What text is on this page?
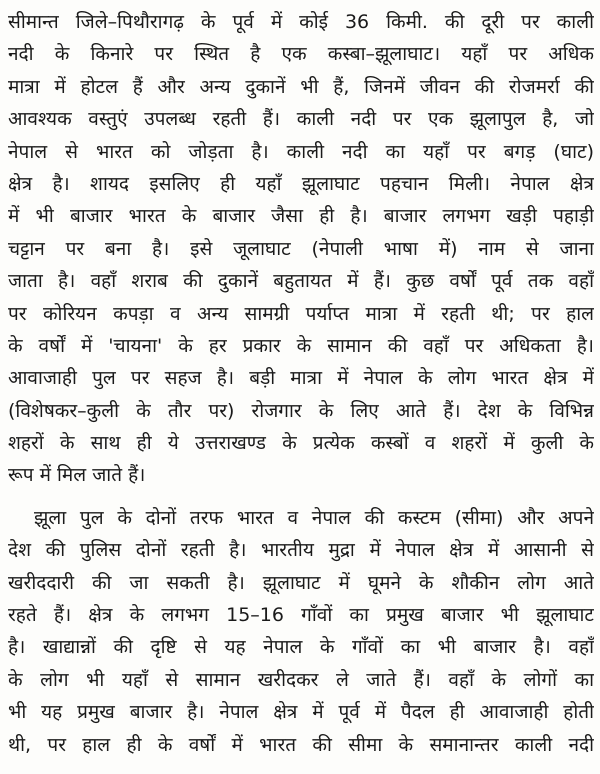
सीमान्त जिले–पिथौरागढ़ के पूर्व में कोई 36 किमी. की दूरी पर काली
नदी के किनारे पर स्थित है एक कस्बा–झूलाघाट। यहाँ पर अधिक
मात्रा में होटल हैं और अन्य दुकानें भी हैं, जिनमें जीवन की रोजमर्रा की
आवश्यक वस्तुएं उपलब्ध रहती हैं। काली नदी पर एक झूलापुल है, जो
नेपाल से भारत को जोड़ता है। काली नदी का यहाँ पर बगड़ (घाट)
क्षेत्र है। शायद इसलिए ही यहाँ झूलाघाट पहचान मिली। नेपाल क्षेत्र
में भी बाजार भारत के बाजार जैसा ही है। बाजार लगभग खड़ी पहाड़ी
चट्टान पर बना है। इसे जूलाघाट (नेपाली भाषा में) नाम से जाना
जाता है। वहाँ शराब की दुकानें बहुतायत में हैं। कुछ वर्षों पूर्व तक वहाँ
पर कोरियन कपड़ा व अन्य सामग्री पर्याप्त मात्रा में रहती थी; पर हाल
के वर्षों में 'चायना' के हर प्रकार के सामान की वहाँ पर अधिकता है।
आवाजाही पुल पर सहज है। बड़ी मात्रा में नेपाल के लोग भारत क्षेत्र में
(विशेषकर–कुली के तौर पर) रोजगार के लिए आते हैं। देश के विभिन्न
शहरों के साथ ही ये उत्तराखण्ड के प्रत्येक कस्बों व शहरों में कुली के
रूप में मिल जाते हैं।
झूला पुल के दोनों तरफ भारत व नेपाल की कस्टम (सीमा) और अपने
देश की पुलिस दोनों रहती है। भारतीय मुद्रा में नेपाल क्षेत्र में आसानी से
खरीददारी की जा सकती है। झूलाघाट में घूमने के शौकीन लोग आते
रहते हैं। क्षेत्र के लगभग 15–16 गाँवों का प्रमुख बाजार भी झूलाघाट
है। खाद्यान्नों की दृष्टि से यह नेपाल के गाँवों का भी बाजार है। वहाँ
के लोग भी यहाँ से सामान खरीदकर ले जाते हैं। वहाँ के लोगों का
भी यह प्रमुख बाजार है। नेपाल क्षेत्र में पूर्व में पैदल ही आवाजाही होती
थी, पर हाल ही के वर्षों में भारत की सीमा के समानान्तर काली नदी
